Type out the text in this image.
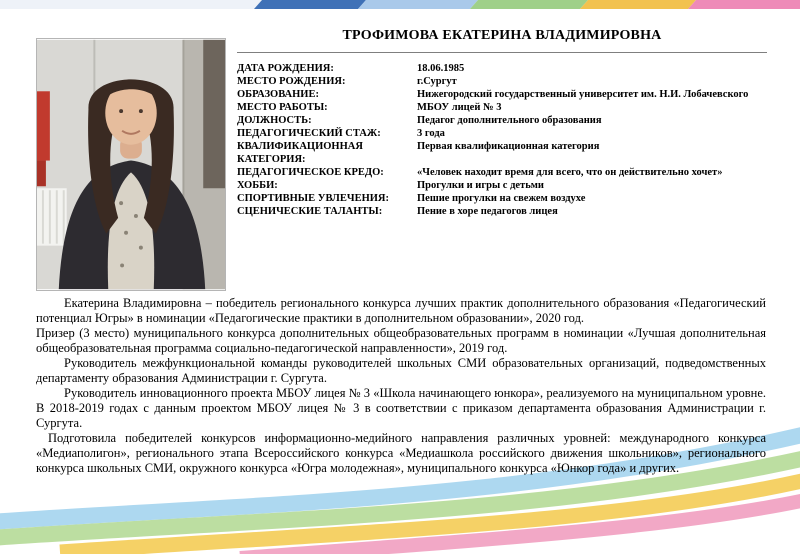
ТРОФИМОВА ЕКАТЕРИНА ВЛАДИМИРОВНА
ДАТА РОЖДЕНИЯ:	18.06.1985
МЕСТО РОЖДЕНИЯ:	г.Сургут
ОБРАЗОВАНИЕ:	Нижегородский государственный университет им. Н.И. Лобачевского
МЕСТО РАБОТЫ:	МБОУ лицей № 3
ДОЛЖНОСТЬ:	Педагог дополнительного образования
ПЕДАГОГИЧЕСКИЙ СТАЖ:	3 года
КВАЛИФИКАЦИОННАЯ КАТЕГОРИЯ:
Первая квалификационная категория
ПЕДАГОГИЧЕСКОЕ КРЕДО:	«Человек находит время для всего, что он действительно хочет»
ХОББИ:	Прогулки и игры с детьми
СПОРТИВНЫЕ УВЛЕЧЕНИЯ:	Пешие прогулки на свежем воздухе
СЦЕНИЧЕСКИЕ ТАЛАНТЫ:	Пение в хоре педагогов лицея

Екатерина Владимировна – победитель регионального конкурса лучших практик дополнительного образования «Педагогический потенциал Югры» в номинации «Педагогические практики в дополнительном образовании», 2020 год.

Призер (3 место) муниципального конкурса дополнительных общеобразовательных программ в номинации «Лучшая дополнительная общеобразовательная программа социально-педагогической направленности», 2019 год.

Руководитель межфункциональной команды руководителей школьных СМИ образовательных организаций, подведомственных департаменту образования Администрации г. Сургута.

Руководитель инновационного проекта МБОУ лицея № 3 «Школа начинающего юнкора», реализуемого на муниципальном уровне. В 2018-2019 годах с данным проектом МБОУ лицея № 3 в соответствии с приказом департамента образования Администрации г. Сургута.

Подготовила победителей конкурсов информационно-медийного направления различных уровней: международного конкурса «Медиаполигон», регионального этапа Всероссийского конкурса «Медиашкола российского движения школьников», регионального конкурса школьных СМИ, окружного конкурса «Югра молодежная», муниципального конкурса «Юнкор года» и других.
